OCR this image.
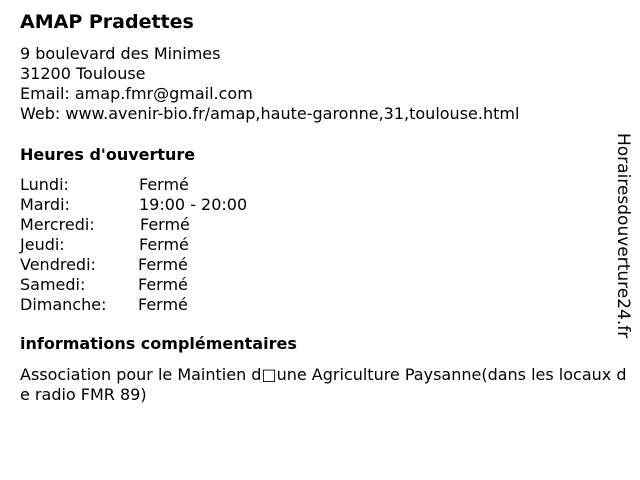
AMAP Pradettes
9 boulevard des Minimes
31200 Toulouse
Email: amap.fmr@gmail.com
Web: www.avenir-bio.fr/amap,haute-garonne,31,toulouse.html
Heures d'ouverture
Lundi:	Fermé
Mardi:	19:00 - 20:00
Mercredi:	Fermé
Jeudi:	Fermé
Vendredi:	Fermé
Samedi:	Fermé
Dimanche: Fermé
informations complémentaires
Association pour le Maintien d□une Agriculture Paysanne(dans les locaux de radio FMR 89)
Horairesdouverture24.fr
